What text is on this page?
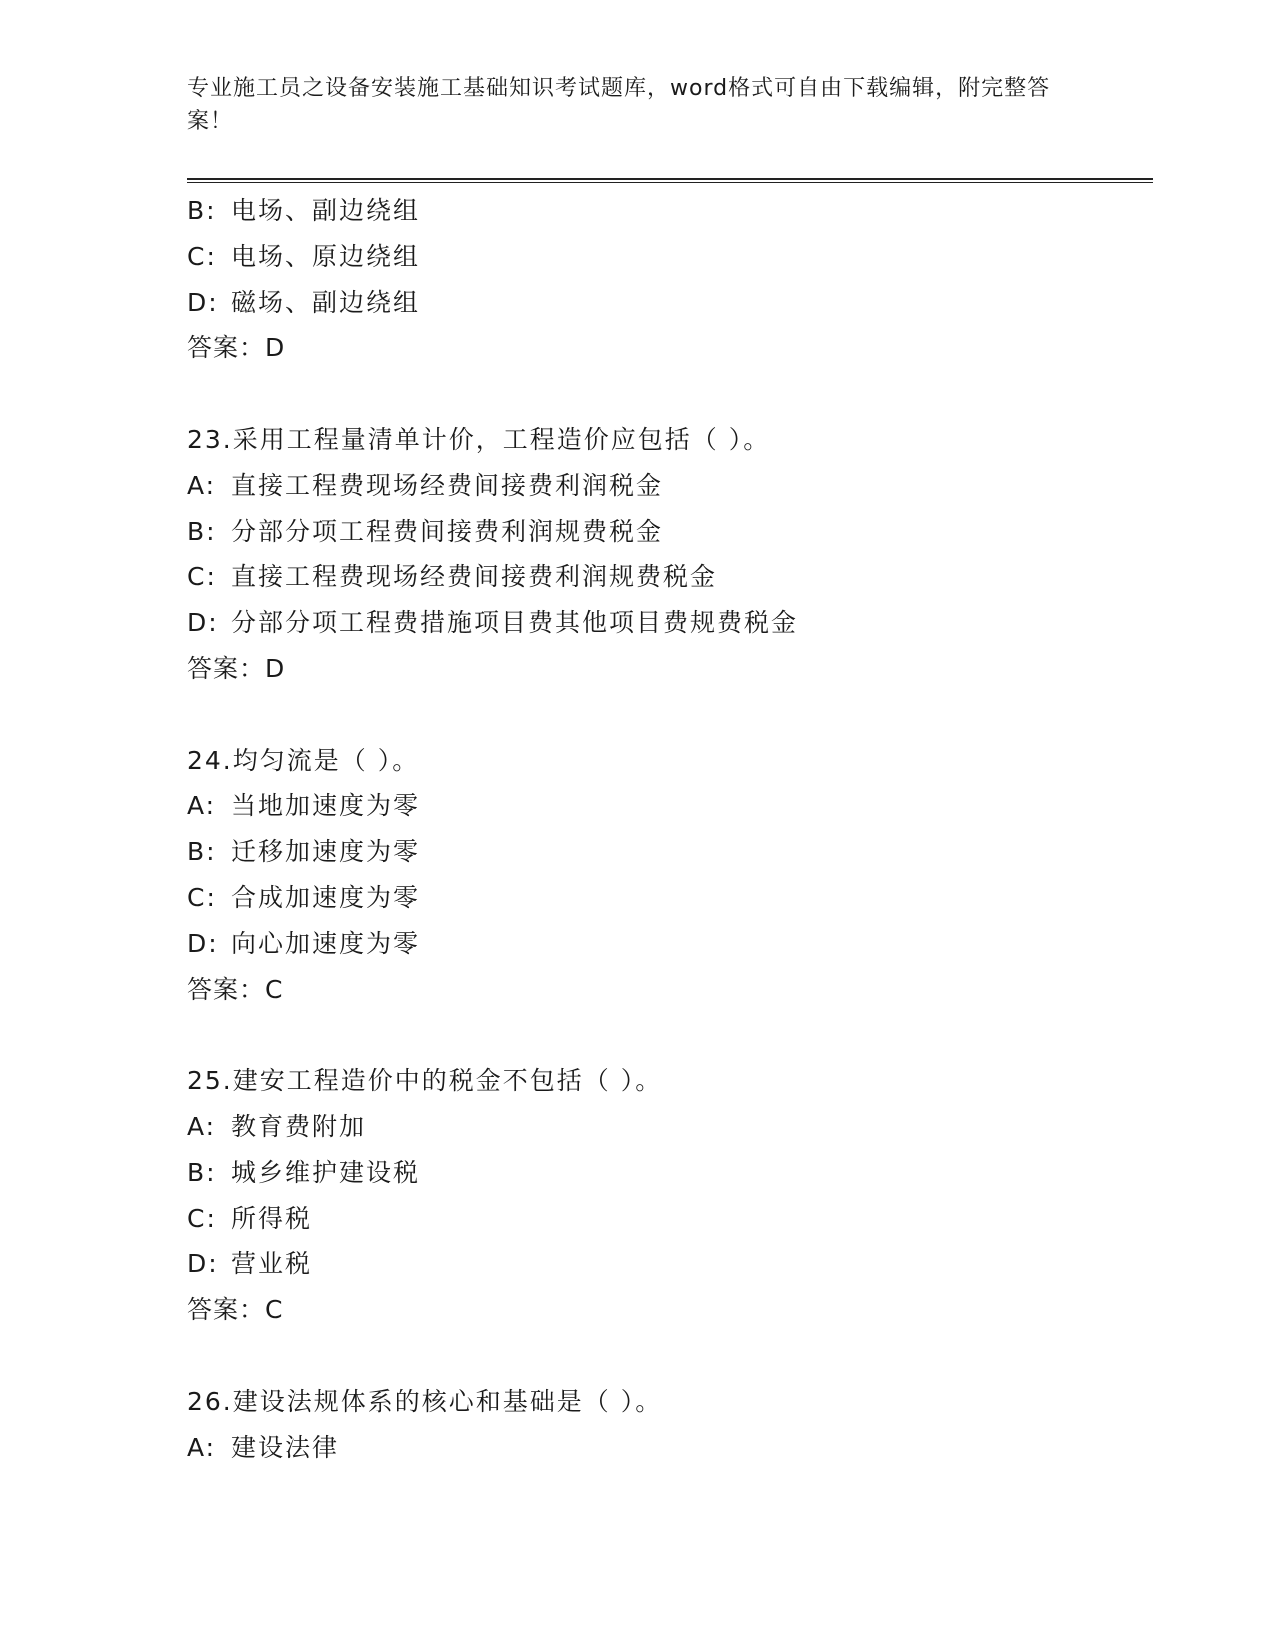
专业施工员之设备安装施工基础知识考试题库，word格式可自由下载编辑，附完整答案！
B: 电场、副边绕组
C: 电场、原边绕组
D: 磁场、副边绕组
答案：D
23.采用工程量清单计价，工程造价应包括（ ）。
A: 直接工程费现场经费间接费利润税金
B: 分部分项工程费间接费利润规费税金
C: 直接工程费现场经费间接费利润规费税金
D: 分部分项工程费措施项目费其他项目费规费税金
答案：D
24.均匀流是（ ）。
A: 当地加速度为零
B: 迁移加速度为零
C: 合成加速度为零
D: 向心加速度为零
答案：C
25.建安工程造价中的税金不包括（ ）。
A: 教育费附加
B: 城乡维护建设税
C: 所得税
D: 营业税
答案：C
26.建设法规体系的核心和基础是（ ）。
A: 建设法律
